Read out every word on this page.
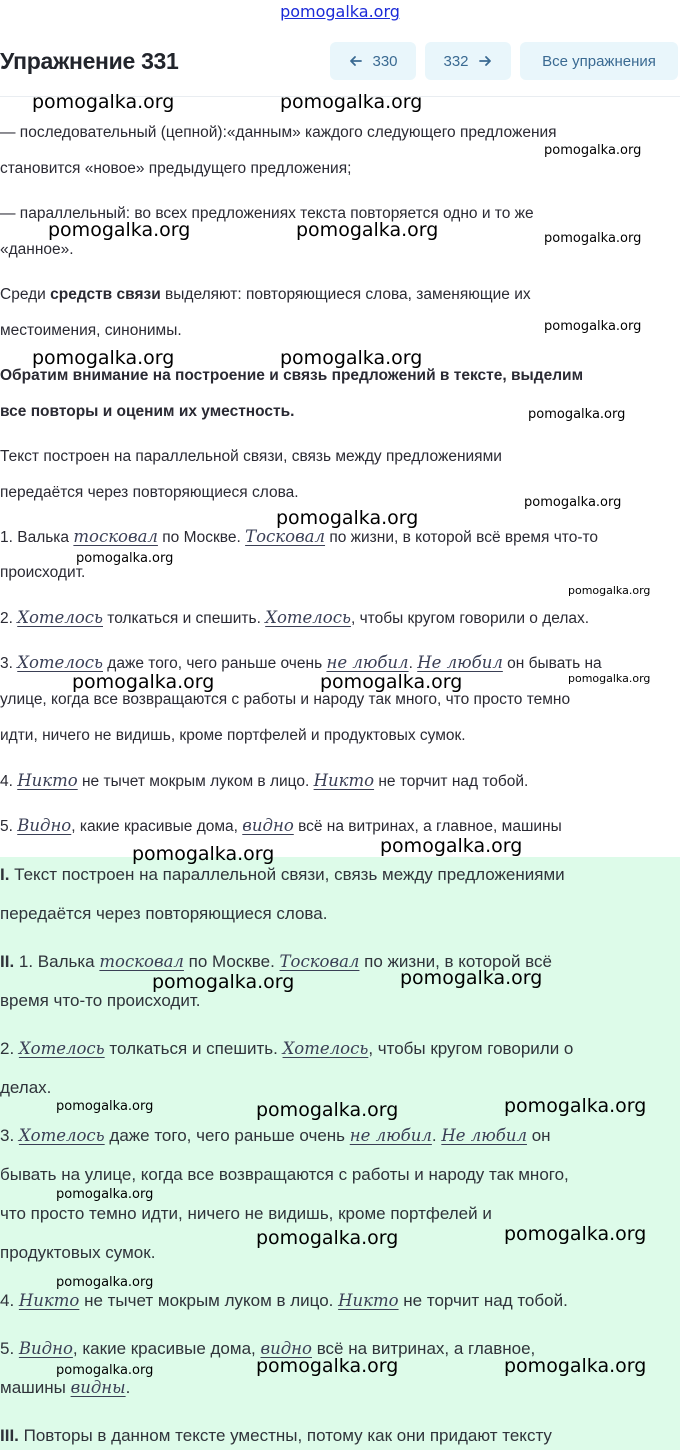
pomogalka.org
Упражнение 331	330	332	Все упражнения
— последовательный (цепной):«данным» каждого следующего предложения
становится «новое» предыдущего предложения;
— параллельный: во всех предложениях текста повторяется одно и то же
«данное».
Среди средств связи выделяют: повторяющиеся слова, заменяющие их
местоимения, синонимы.
Обратим внимание на построение и связь предложений в тексте, выделим
все повторы и оценим их уместность.
Текст построен на параллельной связи, связь между предложениями
передаётся через повторяющиеся слова.
1. Валька тосковал по Москве. Тосковал по жизни, в которой всё время что-то
происходит.
2. Хотелось толкаться и спешить. Хотелось, чтобы кругом говорили о делах.
3. Хотелось даже того, чего раньше очень не любил. Не любил он бывать на
улице, когда все возвращаются с работы и народу так много, что просто темно
идти, ничего не видишь, кроме портфелей и продуктовых сумок.
4. Никто не тычет мокрым луком в лицо. Никто не торчит над тобой.
5. Видно, какие красивые дома, видно всё на витринах, а главное, машины
I. Текст построен на параллельной связи, связь между предложениями
передаётся через повторяющиеся слова.
II. 1. Валька тосковал по Москве. Тосковал по жизни, в которой всё
время что-то происходит.
2. Хотелось толкаться и спешить. Хотелось, чтобы кругом говорили о
делах.
3. Хотелось даже того, чего раньше очень не любил. Не любил он
бывать на улице, когда все возвращаются с работы и народу так много,
что просто темно идти, ничего не видишь, кроме портфелей и
продуктовых сумок.
4. Никто не тычет мокрым луком в лицо. Никто не торчит над тобой.
5. Видно, какие красивые дома, видно всё на витринах, а главное,
машины видны.
III. Повторы в данном тексте уместны, потому как они придают тексту
pomogalka.org	pomogalka.org
pomogalka.org
pomogalka.org	pomogalka.org	pomogalka.org
pomogalka.org
pomogalka.org	pomogalka.org
pomogalka.org
pomogalka.org
pomogalka.org
pomogalka.org
pomogalka.org
pomogalka.org
pomogalka.org	pomogalka.org
pomogalka.org	pomogalka.org
pomogalka.org	pomogalka.org
pomogalka.org	pomogalka.org	pomogalka.org
pomogalka.org
pomogalka.org	pomogalka.org
pomogalka.org
pomogalka.org	pomogalka.org	pomogalka.org
